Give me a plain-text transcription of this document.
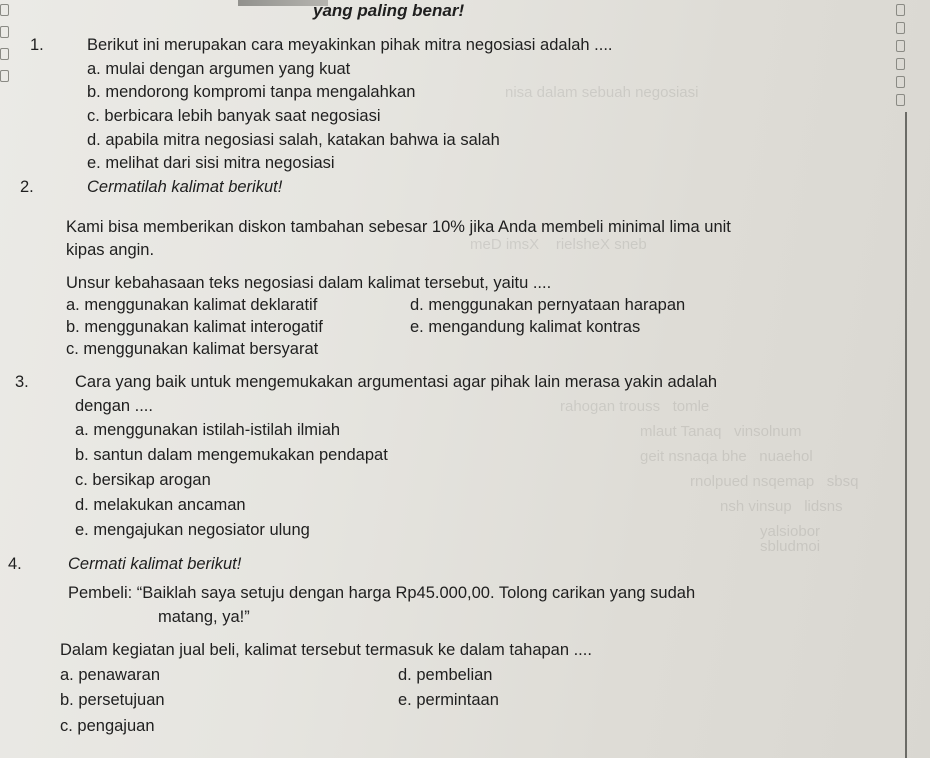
nisa dalam sebuah negosiasi
meD imsX    rielsheX sneb
rahogan trouss   tomle
mlaut Tanaq   vinsolnum
geit nsnaqa bhe   nuaehol
rnolpued nsqemap   sbsq
nsh vinsup   lidsns
yalsiobor
sbludmoi
yang paling benar!
1.	Berikut ini merupakan cara meyakinkan pihak mitra negosiasi adalah ....
a. mulai dengan argumen yang kuat
b. mendorong kompromi tanpa mengalahkan
c. berbicara lebih banyak saat negosiasi
d. apabila mitra negosiasi salah, katakan bahwa ia salah
e. melihat dari sisi mitra negosiasi
2.	Cermatilah kalimat berikut!
Kami bisa memberikan diskon tambahan sebesar 10% jika Anda membeli minimal lima unit
kipas angin.
Unsur kebahasaan teks negosiasi dalam kalimat tersebut, yaitu ....
a. menggunakan kalimat deklaratif
b. menggunakan kalimat interogatif
c. menggunakan kalimat bersyarat
d. menggunakan pernyataan harapan
e. mengandung kalimat kontras
3.	Cara yang baik untuk mengemukakan argumentasi agar pihak lain merasa yakin adalah
dengan ....
a. menggunakan istilah-istilah ilmiah
b. santun dalam mengemukakan pendapat
c. bersikap arogan
d. melakukan ancaman
e. mengajukan negosiator ulung
4.	Cermati kalimat berikut!
Pembeli: “Baiklah saya setuju dengan harga Rp45.000,00. Tolong carikan yang sudah
matang, ya!”
Dalam kegiatan jual beli, kalimat tersebut termasuk ke dalam tahapan ....
a. penawaran
b. persetujuan
c. pengajuan
d. pembelian
e. permintaan
